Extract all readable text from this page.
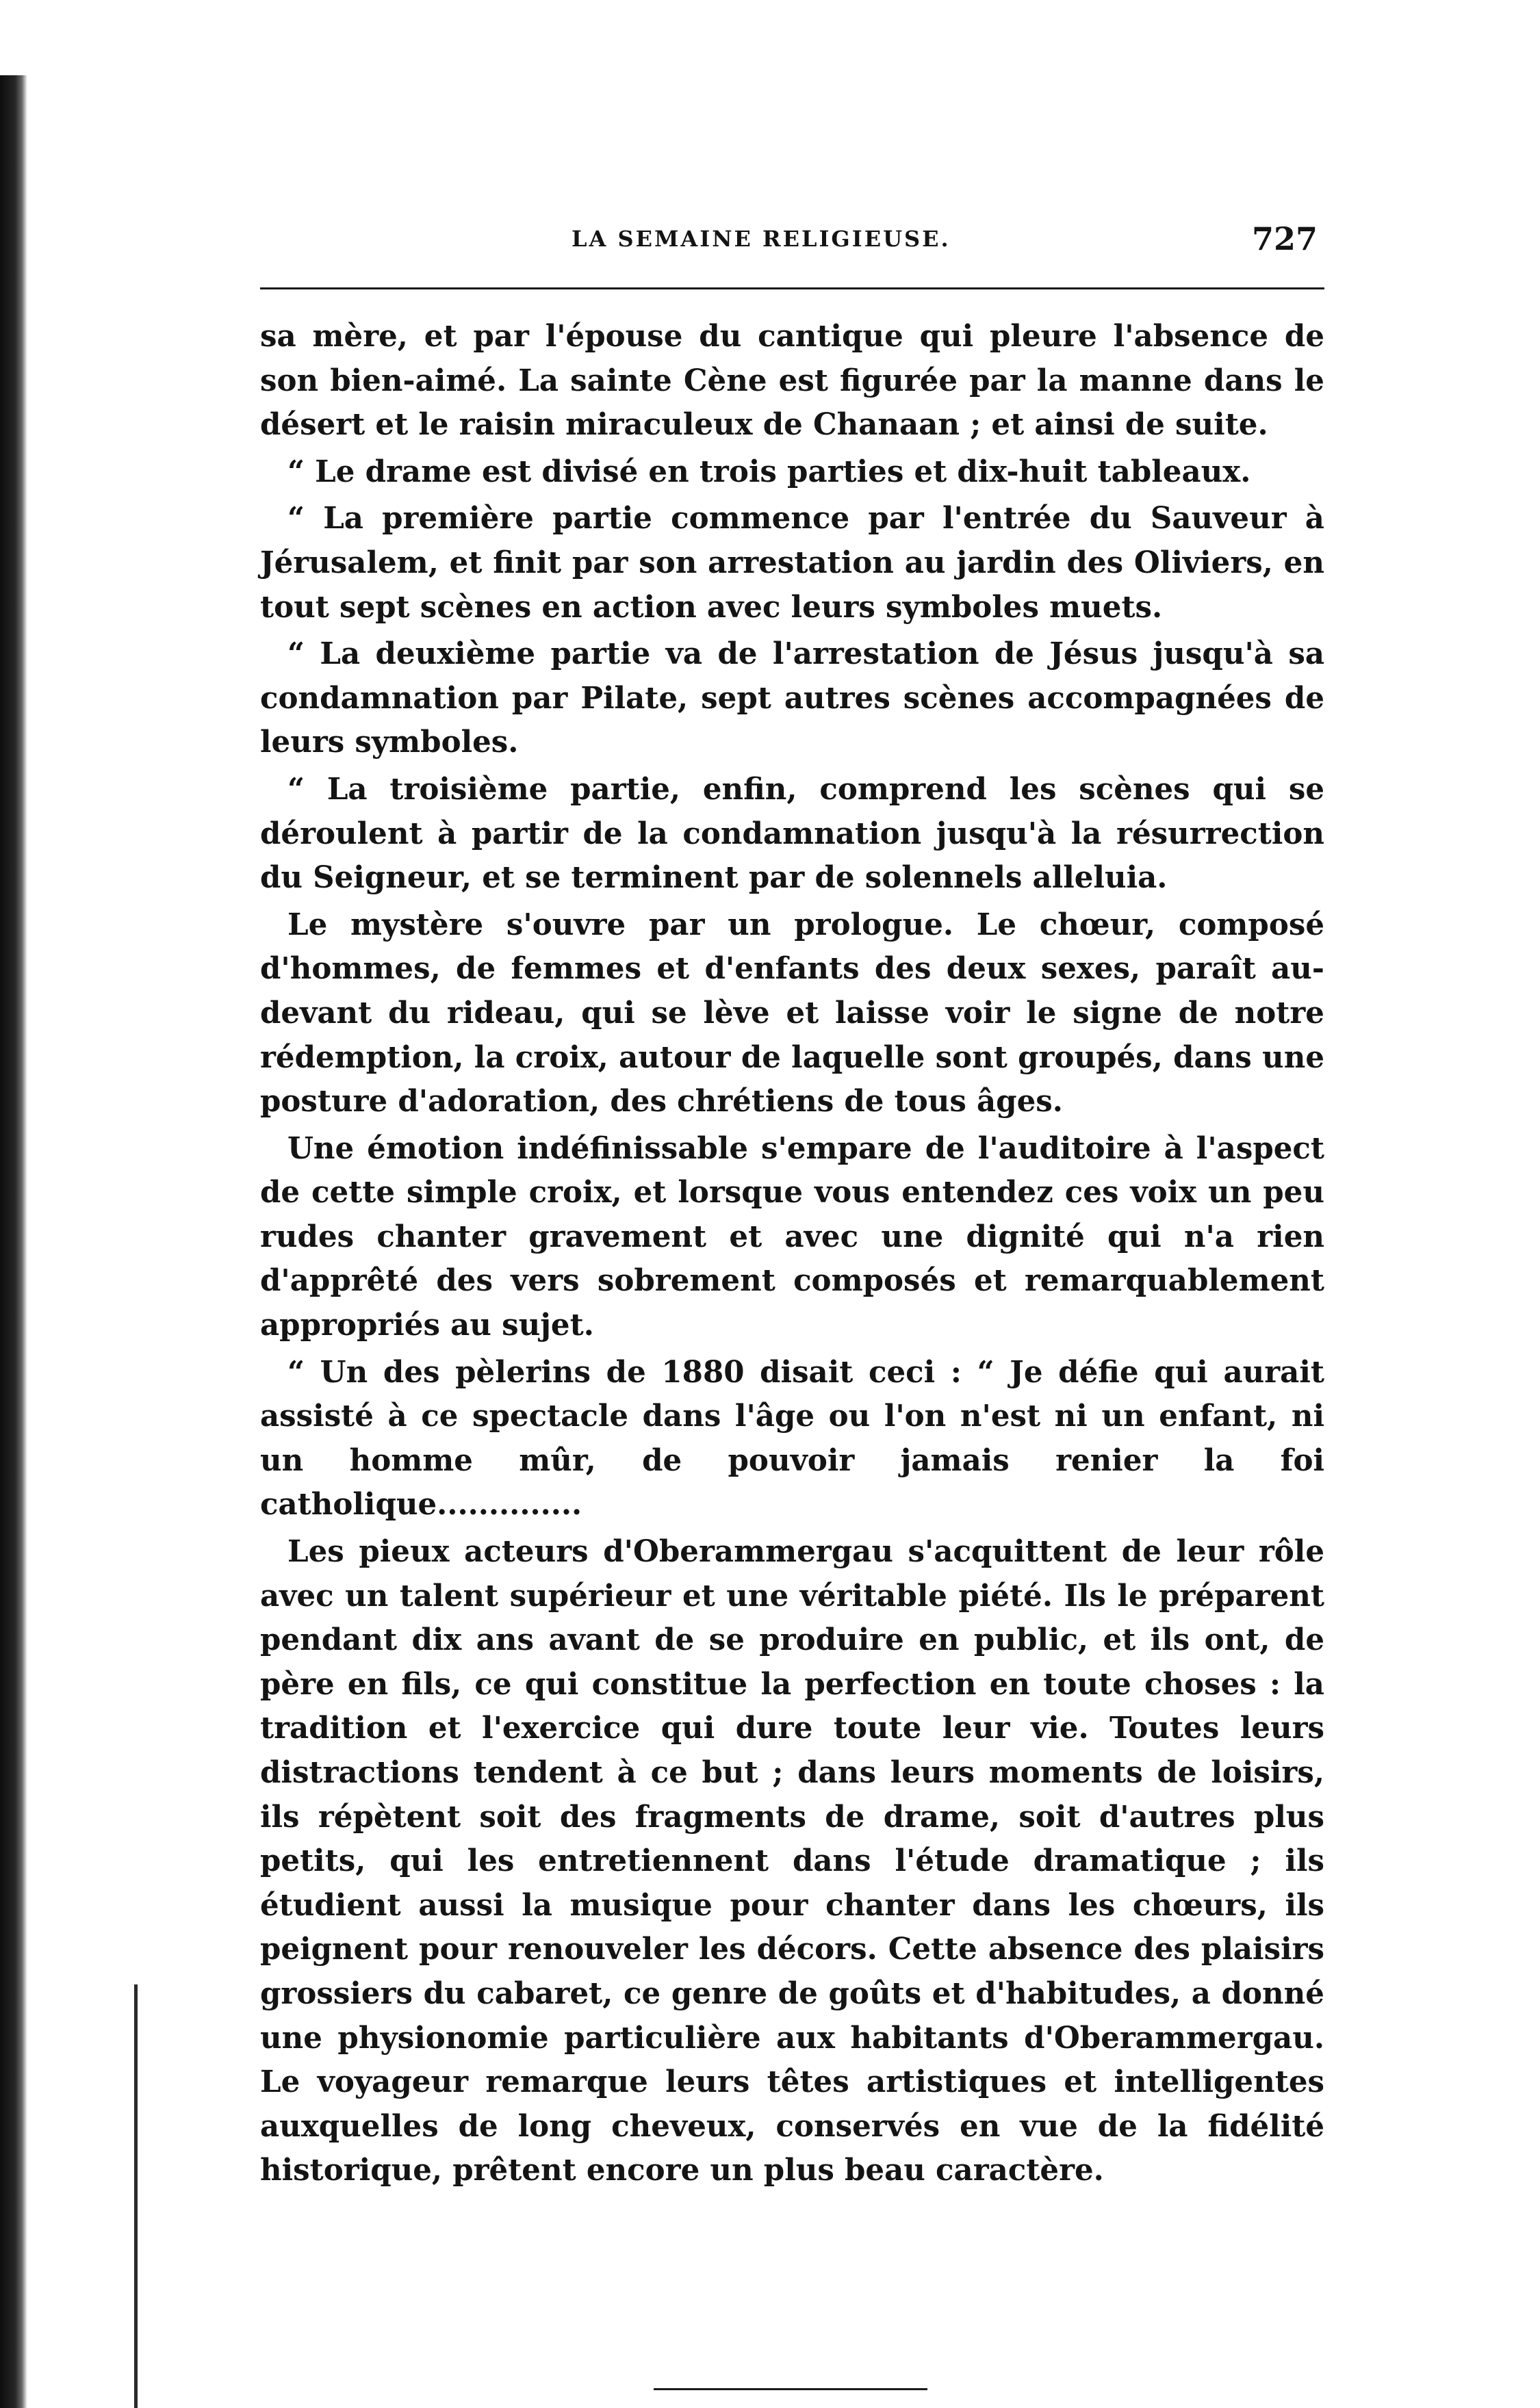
LA SEMAINE RELIGIEUSE.	727

sa mère, et par l'épouse du cantique qui pleure l'absence de son bien-aimé. La sainte Cène est figurée par la manne dans le désert et le raisin miraculeux de Chanaan ; et ainsi de suite.

“ Le drame est divisé en trois parties et dix-huit tableaux.

“ La première partie commence par l'entrée du Sauveur à Jérusalem, et finit par son arrestation au jardin des Oliviers, en tout sept scènes en action avec leurs symboles muets.

“ La deuxième partie va de l'arrestation de Jésus jusqu'à sa condamnation par Pilate, sept autres scènes accompagnées de leurs symboles.

“ La troisième partie, enfin, comprend les scènes qui se déroulent à partir de la condamnation jusqu'à la résurrection du Seigneur, et se terminent par de solennels alleluia.

Le mystère s'ouvre par un prologue. Le chœur, composé d'hommes, de femmes et d'enfants des deux sexes, paraît au-devant du rideau, qui se lève et laisse voir le signe de notre rédemption, la croix, autour de laquelle sont groupés, dans une posture d'adoration, des chrétiens de tous âges.

Une émotion indéfinissable s'empare de l'auditoire à l'aspect de cette simple croix, et lorsque vous entendez ces voix un peu rudes chanter gravement et avec une dignité qui n'a rien d'apprêté des vers sobrement composés et remarquablement appropriés au sujet.

“ Un des pèlerins de 1880 disait ceci : “ Je défie qui aurait assisté à ce spectacle dans l'âge ou l'on n'est ni un enfant, ni un homme mûr, de pouvoir jamais renier la foi catholique..............

Les pieux acteurs d'Oberammergau s'acquittent de leur rôle avec un talent supérieur et une véritable piété. Ils le préparent pendant dix ans avant de se produire en public, et ils ont, de père en fils, ce qui constitue la perfection en toute choses : la tradition et l'exercice qui dure toute leur vie. Toutes leurs distractions tendent à ce but ; dans leurs moments de loisirs, ils répètent soit des fragments de drame, soit d'autres plus petits, qui les entretiennent dans l'étude dramatique ; ils étudient aussi la musique pour chanter dans les chœurs, ils peignent pour renouveler les décors. Cette absence des plaisirs grossiers du cabaret, ce genre de goûts et d'habitudes, a donné une physionomie particulière aux habitants d'Oberammergau. Le voyageur remarque leurs têtes artistiques et intelligentes auxquelles de long cheveux, conservés en vue de la fidélité historique, prêtent encore un plus beau caractère.
